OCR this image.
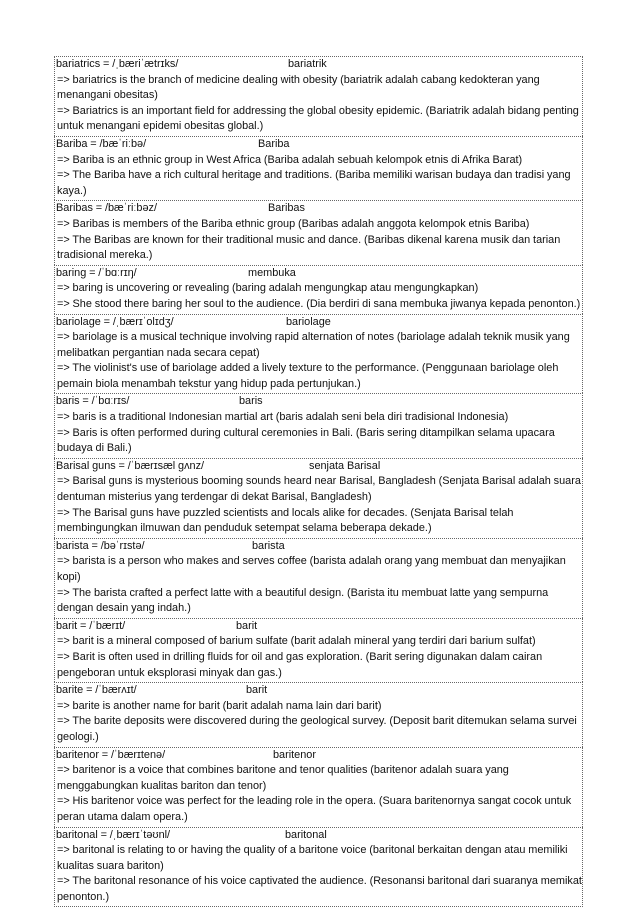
bariatrics = /ˌbæriˈætrɪks/	bariatrik
=> bariatrics is the branch of medicine dealing with obesity (bariatrik adalah cabang kedokteran yang menangani obesitas)
=> Bariatrics is an important field for addressing the global obesity epidemic. (Bariatrik adalah bidang penting untuk menangani epidemi obesitas global.)
Bariba = /bæˈriːbə/	Bariba
=> Bariba is an ethnic group in West Africa (Bariba adalah sebuah kelompok etnis di Afrika Barat)
=> The Bariba have a rich cultural heritage and traditions. (Bariba memiliki warisan budaya dan tradisi yang kaya.)
Baribas = /bæˈriːbəz/	Baribas
=> Baribas is members of the Bariba ethnic group (Baribas adalah anggota kelompok etnis Bariba)
=> The Baribas are known for their traditional music and dance. (Baribas dikenal karena musik dan tarian tradisional mereka.)
baring = /ˈbɑːrɪŋ/	membuka
=> baring is uncovering or revealing (baring adalah mengungkap atau mengungkapkan)
=> She stood there baring her soul to the audience. (Dia berdiri di sana membuka jiwanya kepada penonton.)
bariolage = /ˌbærɪˈolɪdʒ/	bariolage
=> bariolage is a musical technique involving rapid alternation of notes (bariolage adalah teknik musik yang melibatkan pergantian nada secara cepat)
=> The violinist's use of bariolage added a lively texture to the performance. (Penggunaan bariolage oleh pemain biola menambah tekstur yang hidup pada pertunjukan.)
baris = /ˈbɑːrɪs/	baris
=> baris is a traditional Indonesian martial art (baris adalah seni bela diri tradisional Indonesia)
=> Baris is often performed during cultural ceremonies in Bali. (Baris sering ditampilkan selama upacara budaya di Bali.)
Barisal guns = /ˈbærɪsæl ɡʌnz/	senjata Barisal
=> Barisal guns is mysterious booming sounds heard near Barisal, Bangladesh (Senjata Barisal adalah suara dentuman misterius yang terdengar di dekat Barisal, Bangladesh)
=> The Barisal guns have puzzled scientists and locals alike for decades. (Senjata Barisal telah membingungkan ilmuwan dan penduduk setempat selama beberapa dekade.)
barista = /bəˈrɪstə/	barista
=> barista is a person who makes and serves coffee (barista adalah orang yang membuat dan menyajikan kopi)
=> The barista crafted a perfect latte with a beautiful design. (Barista itu membuat latte yang sempurna dengan desain yang indah.)
barit = /ˈbærɪt/	barit
=> barit is a mineral composed of barium sulfate (barit adalah mineral yang terdiri dari barium sulfat)
=> Barit is often used in drilling fluids for oil and gas exploration. (Barit sering digunakan dalam cairan pengeboran untuk eksplorasi minyak dan gas.)
barite = /ˈbærʌɪt/	barit
=> barite is another name for barit (barit adalah nama lain dari barit)
=> The barite deposits were discovered during the geological survey. (Deposit barit ditemukan selama survei geologi.)
baritenor = /ˈbærɪtenə/	baritenor
=> baritenor is a voice that combines baritone and tenor qualities (baritenor adalah suara yang menggabungkan kualitas bariton dan tenor)
=> His baritenor voice was perfect for the leading role in the opera. (Suara baritenornya sangat cocok untuk peran utama dalam opera.)
baritonal = /ˌbærɪˈtəʊnl/	baritonal
=> baritonal is relating to or having the quality of a baritone voice (baritonal berkaitan dengan atau memiliki kualitas suara bariton)
=> The baritonal resonance of his voice captivated the audience. (Resonansi baritonal dari suaranya memikat penonton.)
